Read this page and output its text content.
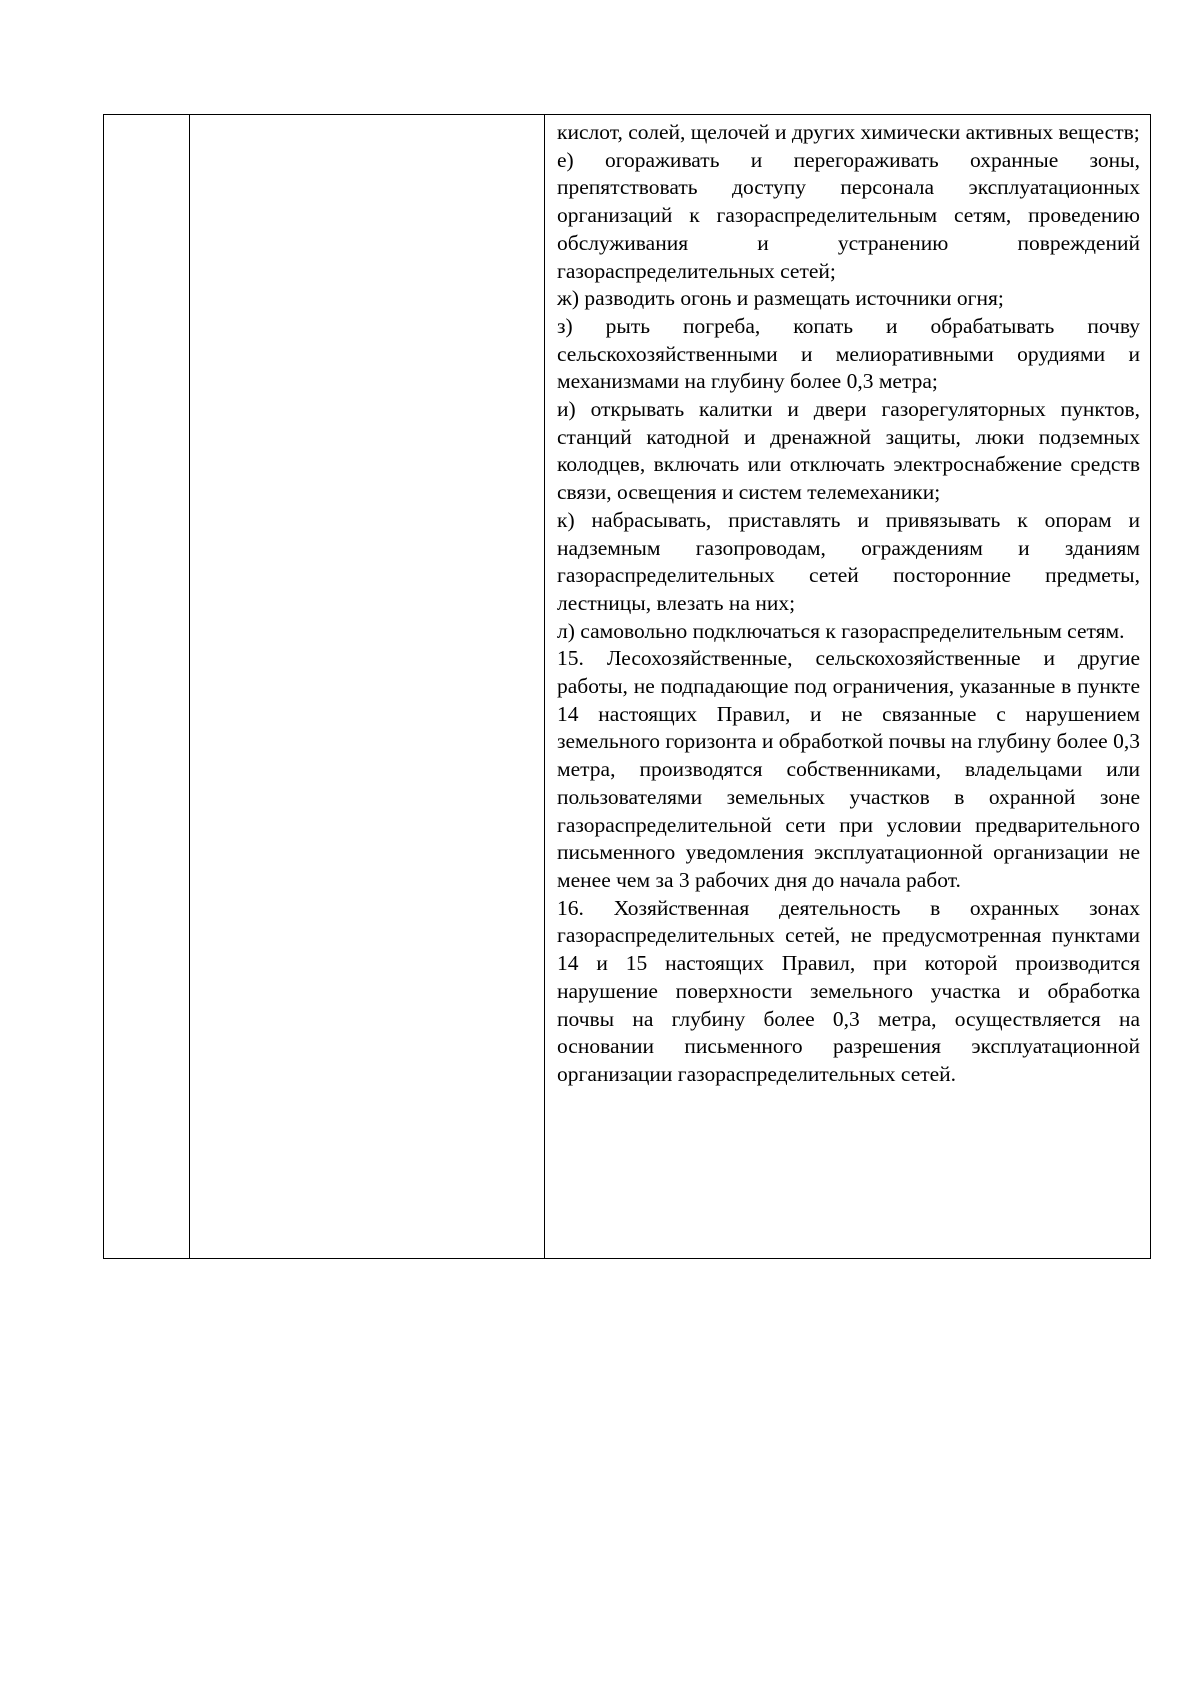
кислот, солей, щелочей и других химически активных веществ;

е) огораживать и перегораживать охранные зоны, препятствовать доступу персонала эксплуатационных организаций к газораспределительным сетям, проведению обслуживания и устранению повреждений газораспределительных сетей;

ж) разводить огонь и размещать источники огня;

з) рыть погреба, копать и обрабатывать почву сельскохозяйственными и мелиоративными орудиями и механизмами на глубину более 0,3 метра;

и) открывать калитки и двери газорегуляторных пунктов, станций катодной и дренажной защиты, люки подземных колодцев, включать или отключать электроснабжение средств связи, освещения и систем телемеханики;

к) набрасывать, приставлять и привязывать к опорам и надземным газопроводам, ограждениям и зданиям газораспределительных сетей посторонние предметы, лестницы, влезать на них;

л) самовольно подключаться к газораспределительным сетям.

15. Лесохозяйственные, сельскохозяйственные и другие работы, не подпадающие под ограничения, указанные в пункте 14 настоящих Правил, и не связанные с нарушением земельного горизонта и обработкой почвы на глубину более 0,3 метра, производятся собственниками, владельцами или пользователями земельных участков в охранной зоне газораспределительной сети при условии предварительного письменного уведомления эксплуатационной организации не менее чем за 3 рабочих дня до начала работ.

16. Хозяйственная деятельность в охранных зонах газораспределительных сетей, не предусмотренная пунктами 14 и 15 настоящих Правил, при которой производится нарушение поверхности земельного участка и обработка почвы на глубину более 0,3 метра, осуществляется на основании письменного разрешения эксплуатационной организации газораспределительных сетей.
